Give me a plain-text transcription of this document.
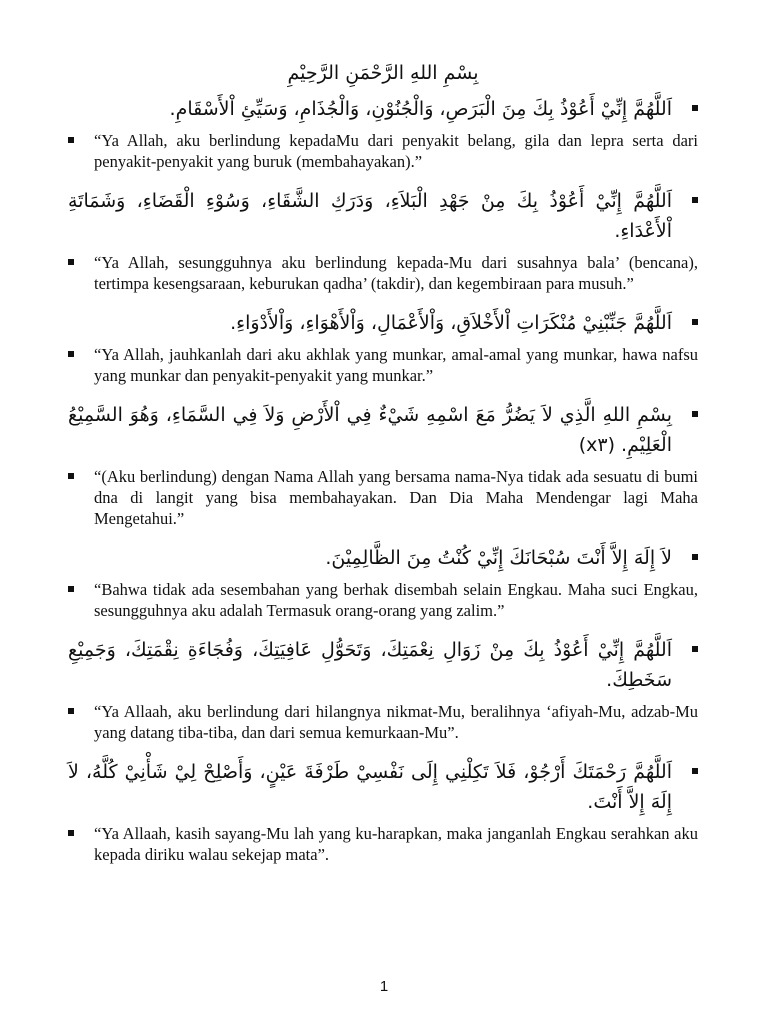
بِسْمِ اللهِ الرَّحْمَنِ الرَّحِيْمِ
اَللَّهُمَّ إِنِّيْ أَعُوْذُ بِكَ مِنَ الْبَرَصِ، وَالْجُنُوْنِ، وَالْجُذَامِ، وَسَيِّئِ اْلأَسْقَامِ.
“Ya Allah, aku berlindung kepadaMu dari penyakit belang, gila dan lepra serta dari penyakit-penyakit yang buruk (membahayakan).”
اَللَّهُمَّ إِنِّيْ أَعُوْذُ بِكَ مِنْ جَهْدِ الْبَلاَءِ، وَدَرَكِ الشَّقَاءِ، وَسُوْءِ الْقَضَاءِ، وَشَمَاتَةِ اْلأَعْدَاءِ.
“Ya Allah, sesungguhnya aku berlindung kepada-Mu dari susahnya bala’ (bencana), tertimpa kesengsaraan, keburukan qadha’ (takdir), dan kegembiraan para musuh.”
اَللَّهُمَّ جَنِّبْنِيْ مُنْكَرَاتِ اْلأَخْلاَقِ، وَاْلأَعْمَالِ، وَاْلأَهْوَاءِ، وَاْلأَدْوَاءِ.
“Ya Allah, jauhkanlah dari aku akhlak yang munkar, amal-amal yang munkar, hawa nafsu yang munkar dan penyakit-penyakit yang munkar.”
بِسْمِ اللهِ الَّذِي لاَ يَضُرُّ مَعَ اسْمِهِ شَيْءٌ فِي اْلأَرْضِ وَلاَ فِي السَّمَاءِ، وَهُوَ السَّمِيْعُ الْعَلِيْمِ. (x٣)
“(Aku berlindung) dengan Nama Allah yang bersama nama-Nya tidak ada sesuatu di bumi dna di langit yang bisa membahayakan. Dan Dia Maha Mendengar lagi Maha Mengetahui.”
لاَ إِلَهَ إِلاَّ أَنْتَ سُبْحَانَكَ إِنِّيْ كُنْتُ مِنَ الظَّالِمِيْنَ.
“Bahwa tidak ada sesembahan yang berhak disembah selain Engkau. Maha suci Engkau, sesungguhnya aku adalah Termasuk orang-orang yang zalim.”
اَللَّهُمَّ إِنِّيْ أَعُوْذُ بِكَ مِنْ زَوَالِ نِعْمَتِكَ، وَتَحَوُّلِ عَافِيَتِكَ، وَفُجَاءَةِ نِقْمَتِكَ، وَجَمِيْعِ سَخَطِكَ.
“Ya Allaah, aku berlindung dari hilangnya nikmat-Mu, beralihnya ‘afiyah-Mu, adzab-Mu yang datang tiba-tiba, dan dari semua kemurkaan-Mu”.
اَللَّهُمَّ رَحْمَتَكَ أَرْجُوْ، فَلاَ تَكِلْنِي إِلَى نَفْسِيْ طَرْفَةَ عَيْنٍ، وَأَصْلِحْ لِيْ شَأْنِيْ كُلَّهُ، لاَ إِلَهَ إِلاَّ أَنْتَ.
“Ya Allaah, kasih sayang-Mu lah yang ku-harapkan, maka janganlah Engkau serahkan aku kepada diriku walau sekejap mata”.
1
